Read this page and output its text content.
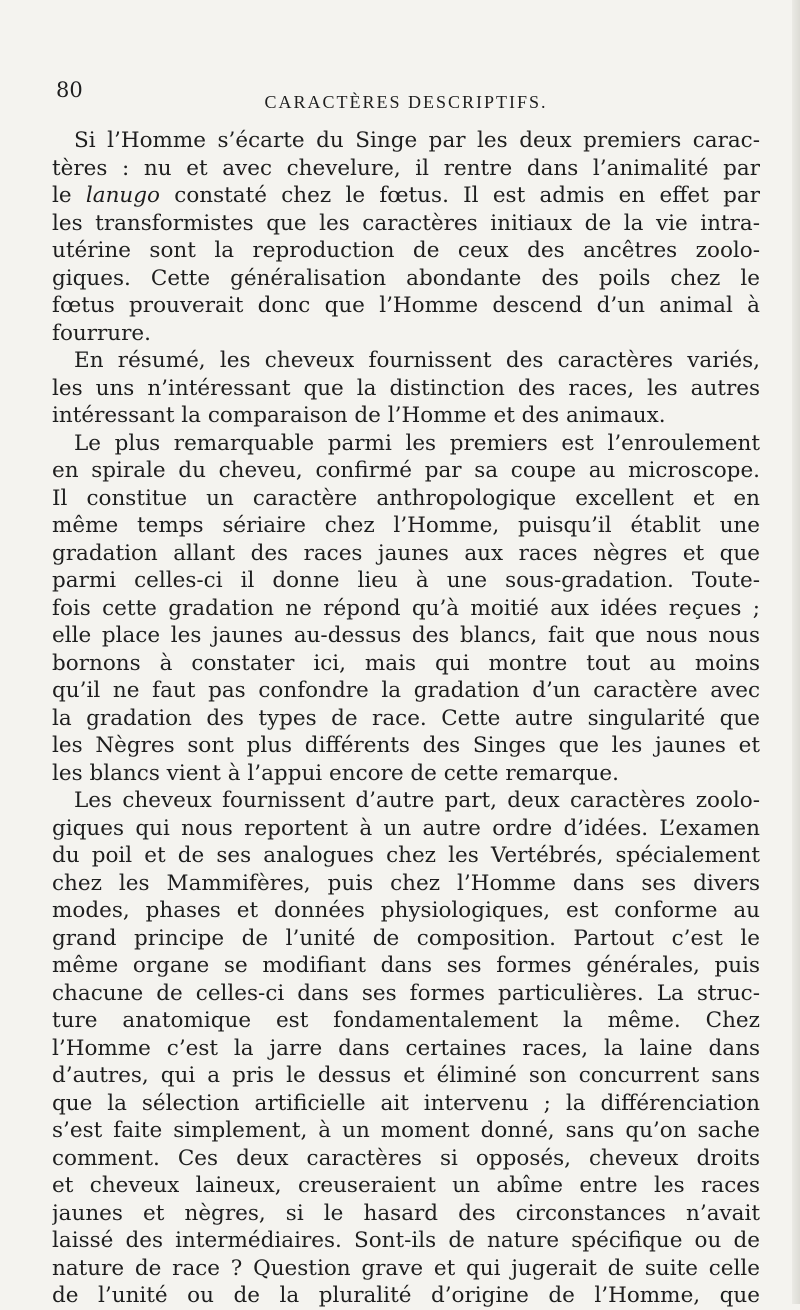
80	CARACTÈRES DESCRIPTIFS.
Si l’Homme s’écarte du Singe par les deux premiers carac-
tères : nu et avec chevelure, il rentre dans l’animalité par
le lanugo constaté chez le fœtus. Il est admis en effet par
les transformistes que les caractères initiaux de la vie intra-
utérine sont la reproduction de ceux des ancêtres zoolo-
giques. Cette généralisation abondante des poils chez le
fœtus prouverait donc que l’Homme descend d’un animal à
fourrure.
En résumé, les cheveux fournissent des caractères variés,
les uns n’intéressant que la distinction des races, les autres
intéressant la comparaison de l’Homme et des animaux.
Le plus remarquable parmi les premiers est l’enroulement
en spirale du cheveu, confirmé par sa coupe au microscope.
Il constitue un caractère anthropologique excellent et en
même temps sériaire chez l’Homme, puisqu’il établit une
gradation allant des races jaunes aux races nègres et que
parmi celles-ci il donne lieu à une sous-gradation. Toute-
fois cette gradation ne répond qu’à moitié aux idées reçues ;
elle place les jaunes au-dessus des blancs, fait que nous nous
bornons à constater ici, mais qui montre tout au moins
qu’il ne faut pas confondre la gradation d’un caractère avec
la gradation des types de race. Cette autre singularité que
les Nègres sont plus différents des Singes que les jaunes et
les blancs vient à l’appui encore de cette remarque.
Les cheveux fournissent d’autre part, deux caractères zoolo-
giques qui nous reportent à un autre ordre d’idées. L’examen
du poil et de ses analogues chez les Vertébrés, spécialement
chez les Mammifères, puis chez l’Homme dans ses divers
modes, phases et données physiologiques, est conforme au
grand principe de l’unité de composition. Partout c’est le
même organe se modifiant dans ses formes générales, puis
chacune de celles-ci dans ses formes particulières. La struc-
ture anatomique est fondamentalement la même. Chez
l’Homme c’est la jarre dans certaines races, la laine dans
d’autres, qui a pris le dessus et éliminé son concurrent sans
que la sélection artificielle ait intervenu ; la différenciation
s’est faite simplement, à un moment donné, sans qu’on sache
comment. Ces deux caractères si opposés, cheveux droits
et cheveux laineux, creuseraient un abîme entre les races
jaunes et nègres, si le hasard des circonstances n’avait
laissé des intermédiaires. Sont-ils de nature spécifique ou de
nature de race ? Question grave et qui jugerait de suite celle
de l’unité ou de la pluralité d’origine de l’Homme, que
